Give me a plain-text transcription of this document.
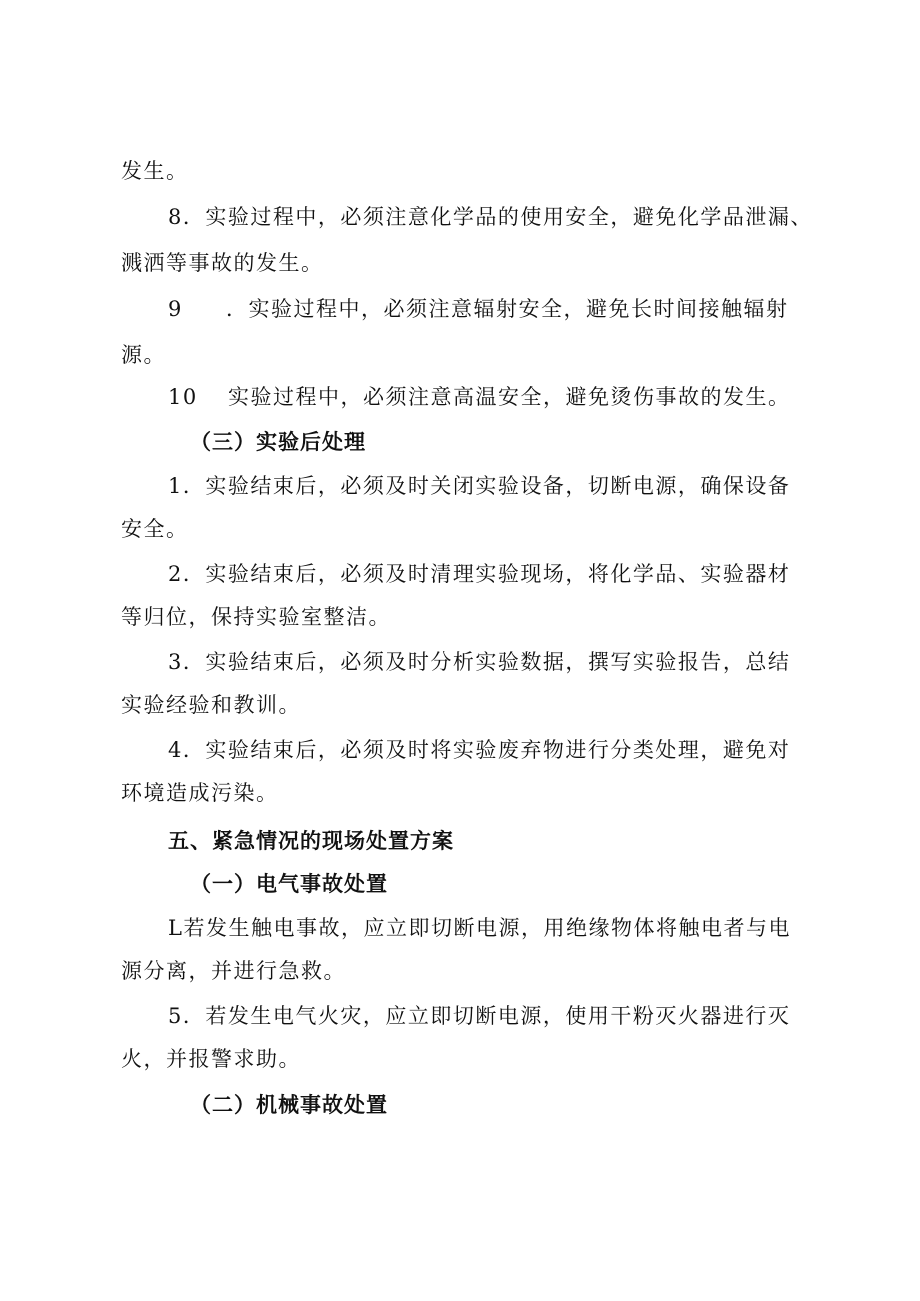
发生。
8．实验过程中，必须注意化学品的使用安全，避免化学品泄漏、
溅洒等事故的发生。
9 ．实验过程中，必须注意辐射安全，避免长时间接触辐射
源。
10 实验过程中，必须注意高温安全，避免烫伤事故的发生。
（三）实验后处理
1．实验结束后，必须及时关闭实验设备，切断电源，确保设备
安全。
2．实验结束后，必须及时清理实验现场，将化学品、实验器材
等归位，保持实验室整洁。
3．实验结束后，必须及时分析实验数据，撰写实验报告，总结
实验经验和教训。
4．实验结束后，必须及时将实验废弃物进行分类处理，避免对
环境造成污染。
五、紧急情况的现场处置方案
（一）电气事故处置
L若发生触电事故，应立即切断电源，用绝缘物体将触电者与电
源分离，并进行急救。
5．若发生电气火灾，应立即切断电源，使用干粉灭火器进行灭
火，并报警求助。
（二）机械事故处置
